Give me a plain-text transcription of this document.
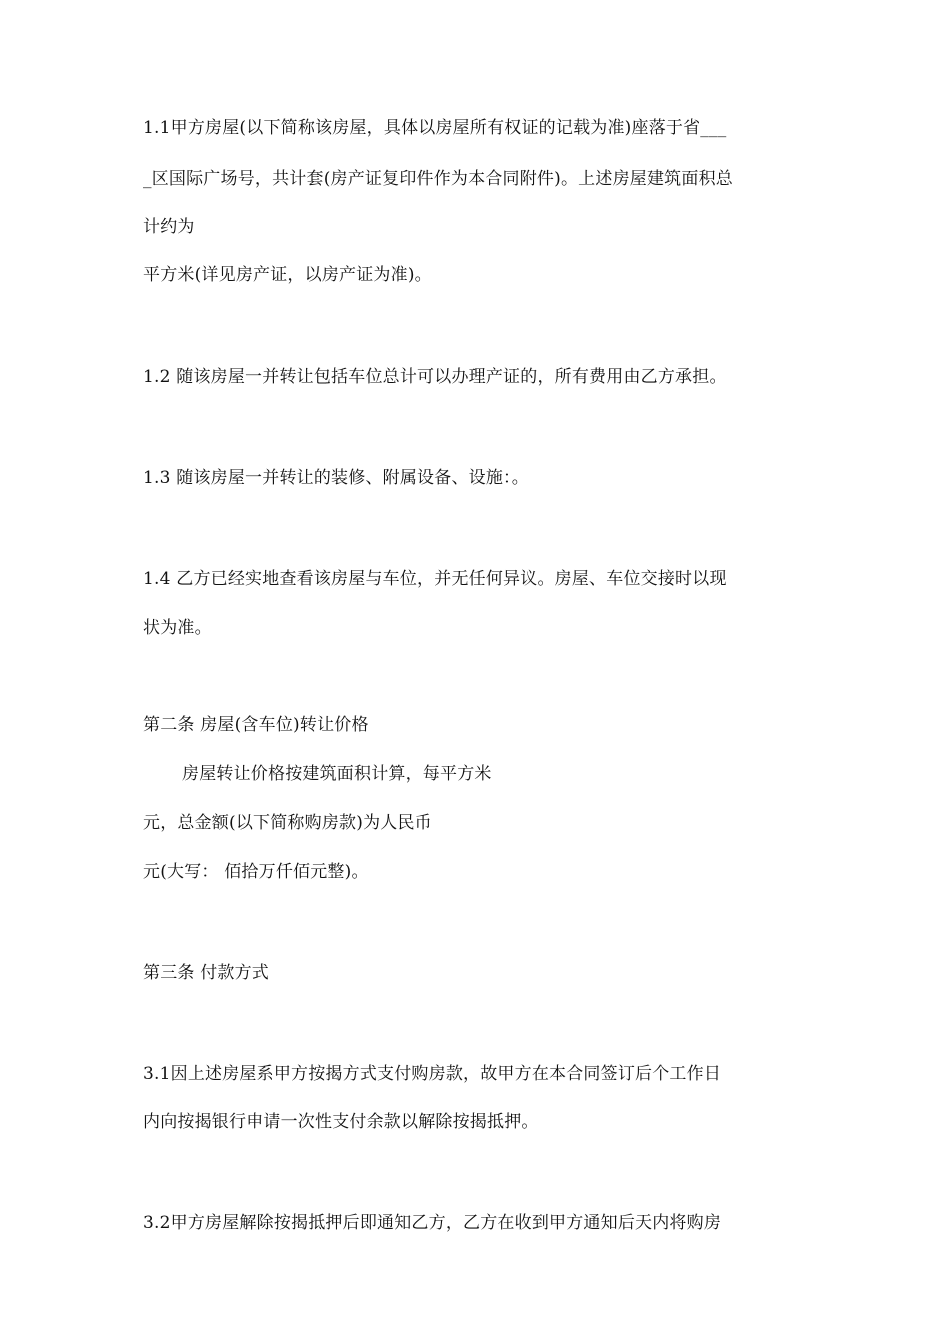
1.1甲方房屋(以下简称该房屋，具体以房屋所有权证的记载为准)座落于省___
_区国际广场号，共计套(房产证复印件作为本合同附件)。上述房屋建筑面积总
计约为
平方米(详见房产证，以房产证为准)。
1.2 随该房屋一并转让包括车位总计可以办理产证的，所有费用由乙方承担。
1.3 随该房屋一并转让的装修、附属设备、设施：。
1.4 乙方已经实地查看该房屋与车位，并无任何异议。房屋、车位交接时以现
状为准。
第二条 房屋(含车位)转让价格
房屋转让价格按建筑面积计算，每平方米
元，总金额(以下简称购房款)为人民币
元(大写： 佰拾万仟佰元整)。
第三条 付款方式
3.1因上述房屋系甲方按揭方式支付购房款，故甲方在本合同签订后个工作日
内向按揭银行申请一次性支付余款以解除按揭抵押。
3.2甲方房屋解除按揭抵押后即通知乙方，乙方在收到甲方通知后天内将购房
